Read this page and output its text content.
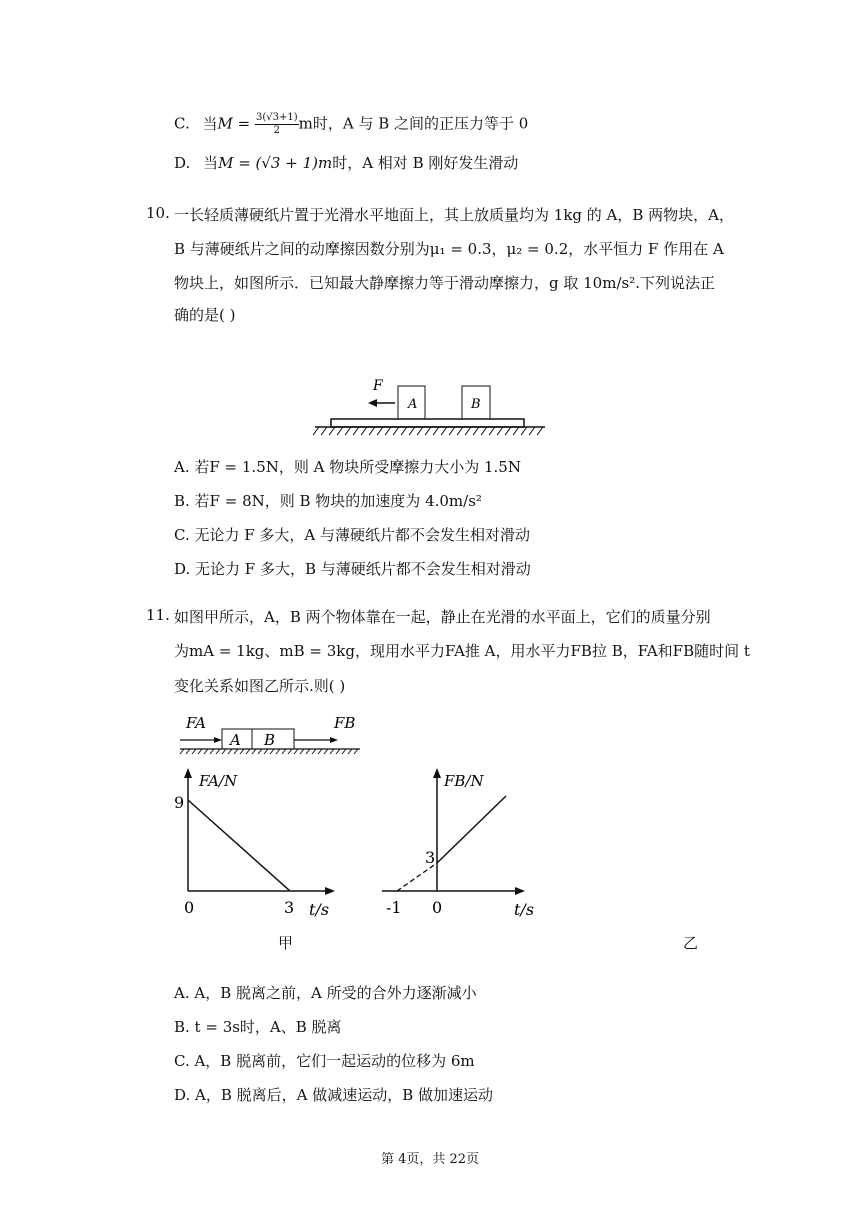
C. 当$M = \frac{3(√3+1)}{2}$ m时，A 与 B 之间的正压力等于 0
D. 当M = (√3 + 1)m时，A 相对 B 刚好发生滑动
10. 一长轻质薄硬纸片置于光滑水平地面上，其上放质量均为 1kg 的 A，B 两物块，A，
B 与薄硬纸片之间的动摩擦因数分别为μ₁ = 0.3，μ₂ = 0.2，水平恒力 F 作用在 A
物块上，如图所示．已知最大静摩擦力等于滑动摩擦力，g 取 10m/s².下列说法正
确的是( )
F
A	B
A. 若F = 1.5N，则 A 物块所受摩擦力大小为 1.5N
B. 若F = 8N，则 B 物块的加速度为 4.0m/s²
C. 无论力 F 多大，A 与薄硬纸片都不会发生相对滑动
D. 无论力 F 多大，B 与薄硬纸片都不会发生相对滑动
11. 如图甲所示，A，B 两个物体靠在一起，静止在光滑的水平面上，它们的质量分别
为mA = 1kg、mB = 3kg，现用水平力FA推 A，用水平力FB拉 B，FA和FB随时间 t
变化关系如图乙所示.则( )
FA
A B
FB
FA/N
9
0	3 t/s
FB/N
3
0
-1	t/s
甲	乙
A. A，B 脱离之前，A 所受的合外力逐渐减小
B. t = 3s时，A、B 脱离
C. A，B 脱离前，它们一起运动的位移为 6m
D. A，B 脱离后，A 做减速运动，B 做加速运动
第 4页，共 22页
